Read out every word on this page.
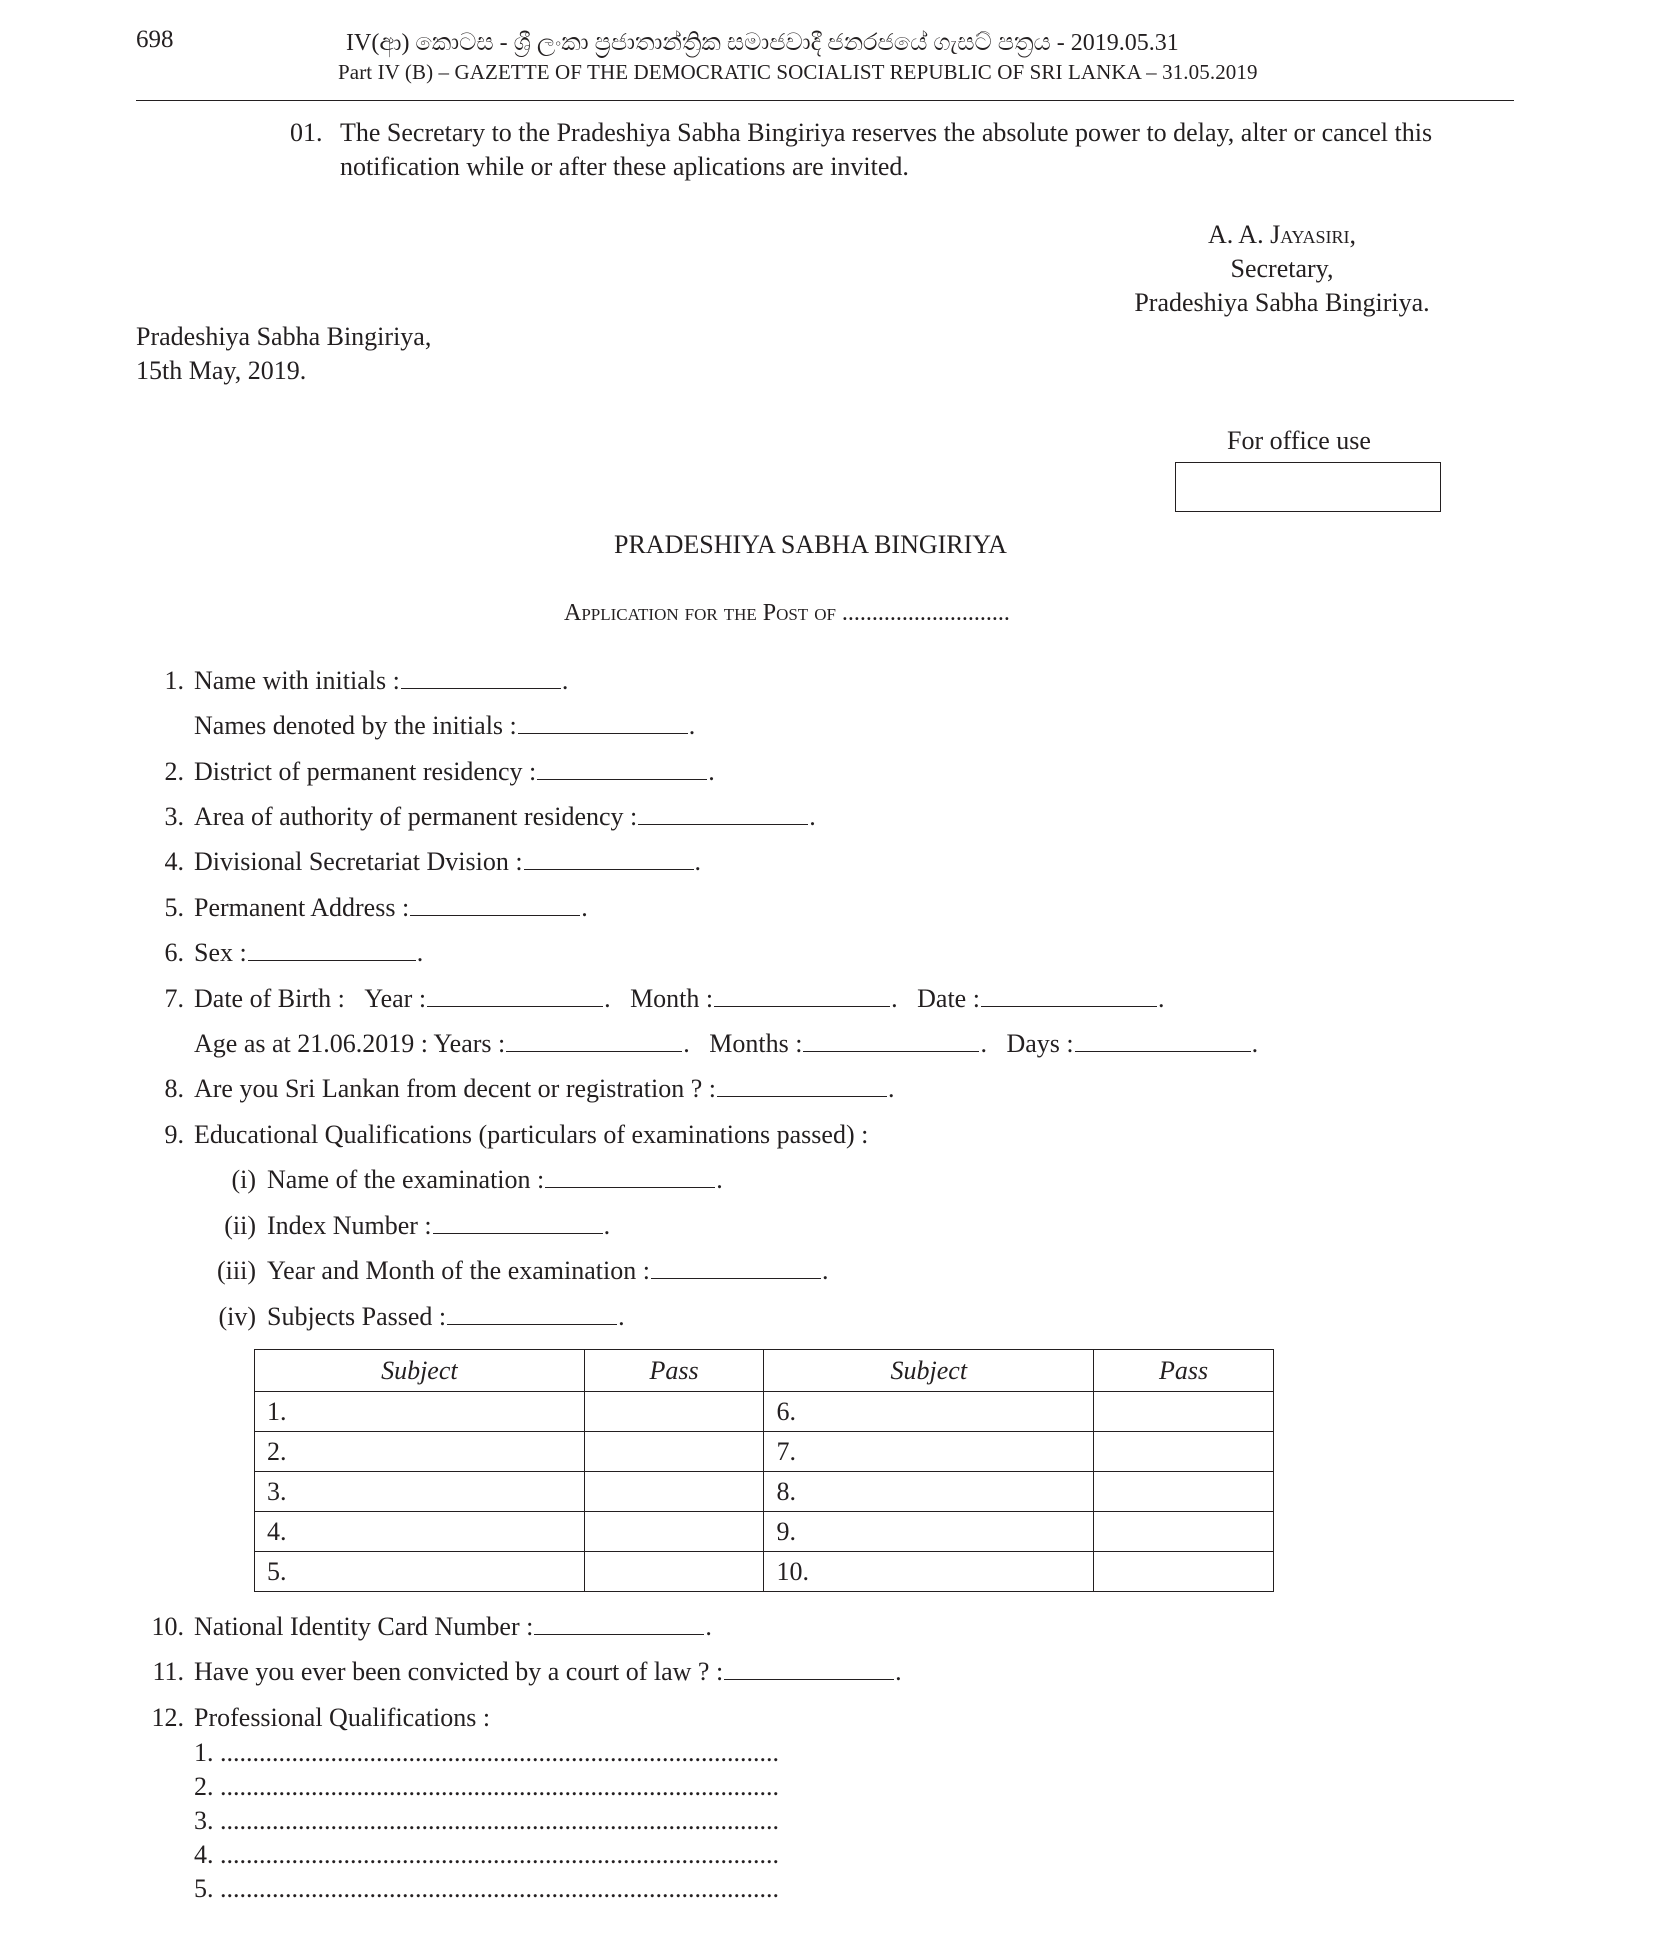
698	IV(ආ) කොටස - ශ්‍රී ලංකා ප්‍රජාතාන්ත්‍රික සමාජවාදී ජනරජයේ ගැසට් පත්‍රය - 2019.05.31
Part IV (B) – GAZETTE OF THE DEMOCRATIC SOCIALIST REPUBLIC OF SRI LANKA – 31.05.2019
01. The Secretary to the Pradeshiya Sabha Bingiriya reserves the absolute power to delay, alter or cancel this
notification while or after these aplications are invited.
A. A. Jayasiri,
Secretary,
Pradeshiya Sabha Bingiriya.
Pradeshiya Sabha Bingiriya,
15th May, 2019.
For office use
PRADESHIYA SABHA BINGIRIYA
Application for the Post of ............................
1. Name with initials :	.
Names denoted by the initials :	.
2. District of permanent residency :	.
3. Area of authority of permanent residency :	.
4. Divisional Secretariat Dvision :	.
5. Permanent Address :	.
6. Sex :	.
7. Date of Birth : Year :	. Month :	. Date :	.
Age as at 21.06.2019 : Years :	. Months :	. Days :	.
8. Are you Sri Lankan from decent or registration ? :	.
9. Educational Qualifications (particulars of examinations passed) :
(i) Name of the examination :	.
(ii) Index Number :	.
(iii) Year and Month of the examination :	.
(iv) Subjects Passed :	.
Subject	Pass	Subject	Pass
1.		6.	
2.		7.	
3.		8.	
4.		9.	
5.		10.	
10. National Identity Card Number :	.
11. Have you ever been convicted by a court of law ? :	.
12. Professional Qualifications :
1. ......................................................................................
2. ......................................................................................
3. ......................................................................................
4. ......................................................................................
5. ......................................................................................
